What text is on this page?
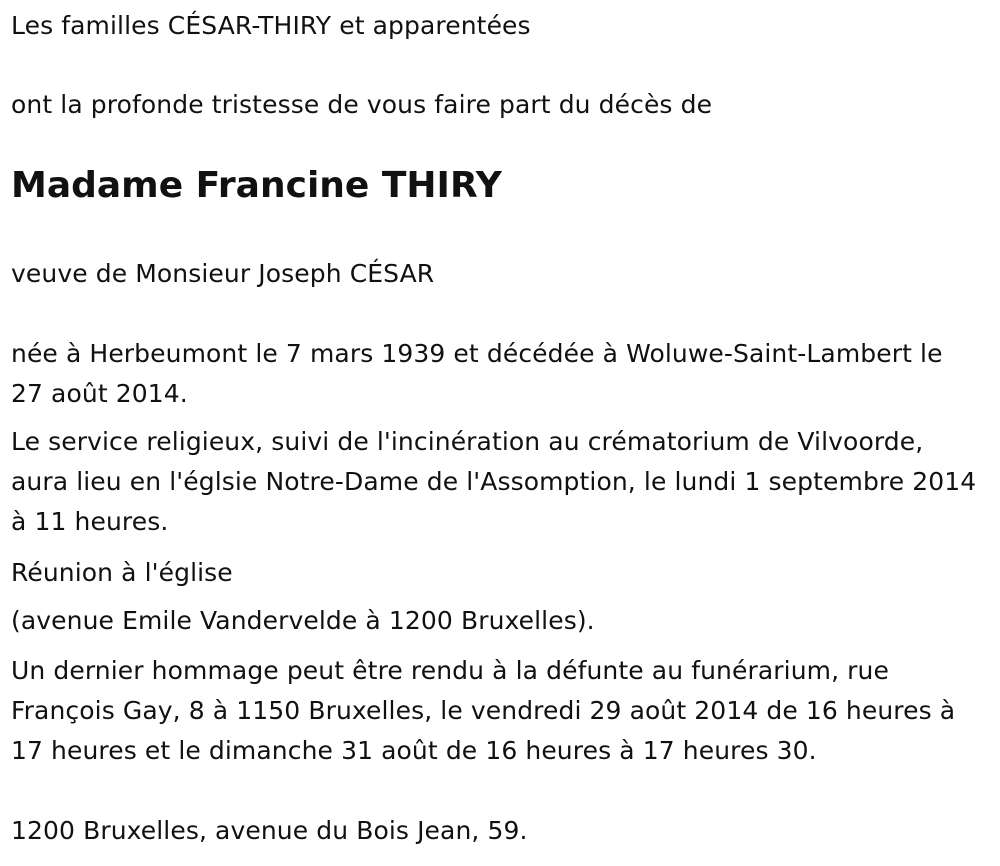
Les familles CÉSAR-THIRY et apparentées
ont la profonde tristesse de vous faire part du décès de
Madame Francine THIRY
veuve de Monsieur Joseph CÉSAR
née à Herbeumont le 7 mars 1939 et décédée à Woluwe-Saint-Lambert le 27 août 2014.
Le service religieux, suivi de l'incinération au crématorium de Vilvoorde, aura lieu en l'églsie Notre-Dame de l'Assomption, le lundi 1 septembre 2014 à 11 heures.
Réunion à l'église
(avenue Emile Vandervelde à 1200 Bruxelles).
Un dernier hommage peut être rendu à la défunte au funérarium, rue François Gay, 8 à 1150 Bruxelles, le vendredi 29 août 2014 de 16 heures à 17 heures et le dimanche 31 août de 16 heures à 17 heures 30.
1200 Bruxelles, avenue du Bois Jean, 59.
